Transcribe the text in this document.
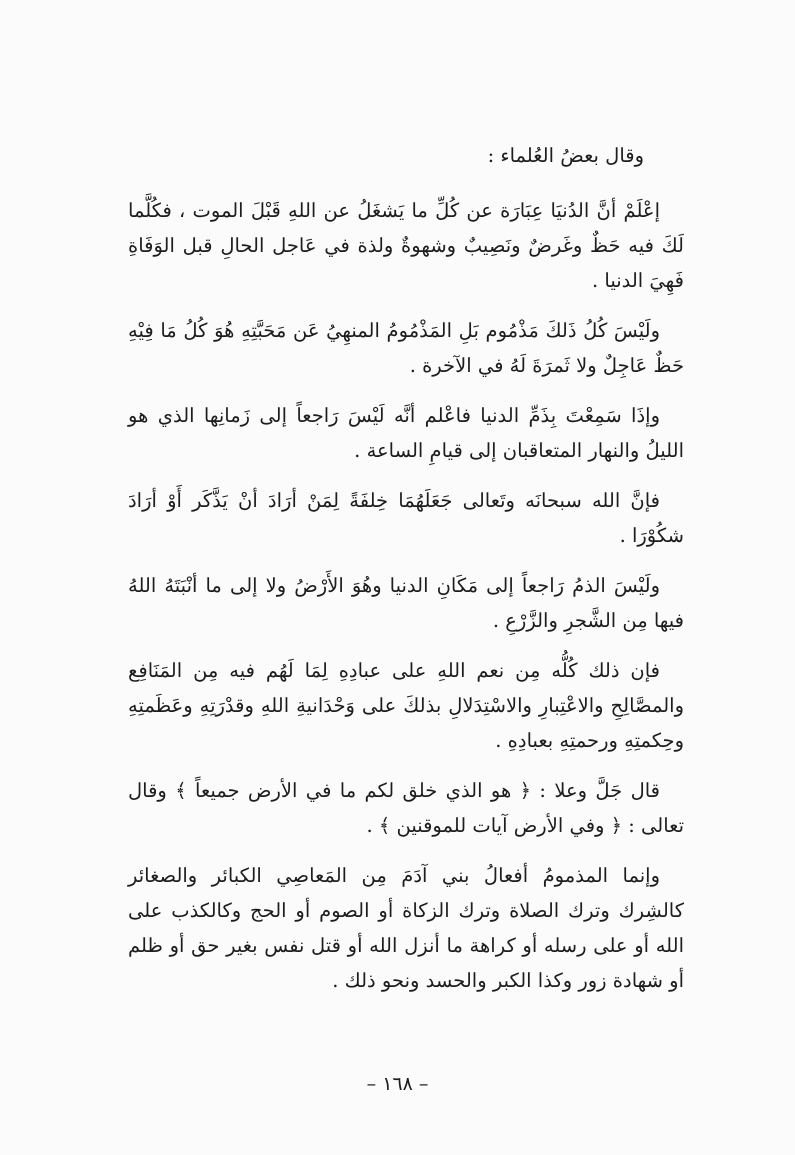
وقال بعضُ العُلماء :

إعْلَمْ أنَّ الدُنيَا عِبَارَة عن كُلِّ ما يَشغَلُ عن اللهِ قَبْلَ الموت ، فكُلَّما لَكَ فيه حَظٌ وغَرضٌ ونَصِيبٌ وشهوةٌ ولذة في عَاجل الحالِ قبل الوَفَاةِ فَهِيَ الدنيا .

ولَيْسَ كُلُ ذَلكَ مَذْمُوم بَلِ المَذْمُومُ المنهِيُ عَن مَحَبَّتِهِ هُوَ كُلُ مَا فِيْهِ حَظٌ عَاجِلٌ ولا ثَمرَةَ لَهُ في الآخرة .

وإذَا سَمِعْتَ بِذَمِّ الدنيا فاعْلم أنَّه لَيْسَ رَاجعاً إلى زَمانِها الذي هو الليلُ والنهار المتعاقبان إلى قيامِ الساعة .

فإنَّ الله سبحانَه وتَعالى جَعَلَهُمَا خِلفَةً لِمَنْ أرَادَ أنْ يَذَّكَر أَوْ أرَادَ شكُوْرَا .

ولَيْسَ الذمُ رَاجعاً إلى مَكَانِ الدنيا وهُوَ الأَرْضُ ولا إلى ما أنْبَتَهُ اللهُ فيها مِن الشَّجرِ والزَّرْعِ .

فإن ذلك كُلُّه مِن نعم اللهِ على عبادِهِ لِمَا لَهُم فيه مِن المَنَافِع والمصَّالِحِ والاعْتِبارِ والاسْتِدَلالِ بذلكَ على وَحْدَانيةِ اللهِ وقدْرَتِهِ وعَظَمتِهِ وحِكمتِهِ ورحمتِهِ بعبادِهِ .

قال جَلَّ وعلا : ﴿ هو الذي خلق لكم ما في الأرض جميعاً ﴾ وقال تعالى : ﴿ وفي الأرض آيات للموقنين ﴾ .

وإنما المذمومُ أفعالُ بني آدَمَ مِن المَعاصِي الكبائر والصغائر كالشِرك وترك الصلاة وترك الزكاة أو الصوم أو الحج وكالكذب على الله أو على رسله أو كراهة ما أنزل الله أو قتل نفس بغير حق أو ظلم أو شهادة زور وكذا الكبر والحسد ونحو ذلك .

– ١٦٨ –
